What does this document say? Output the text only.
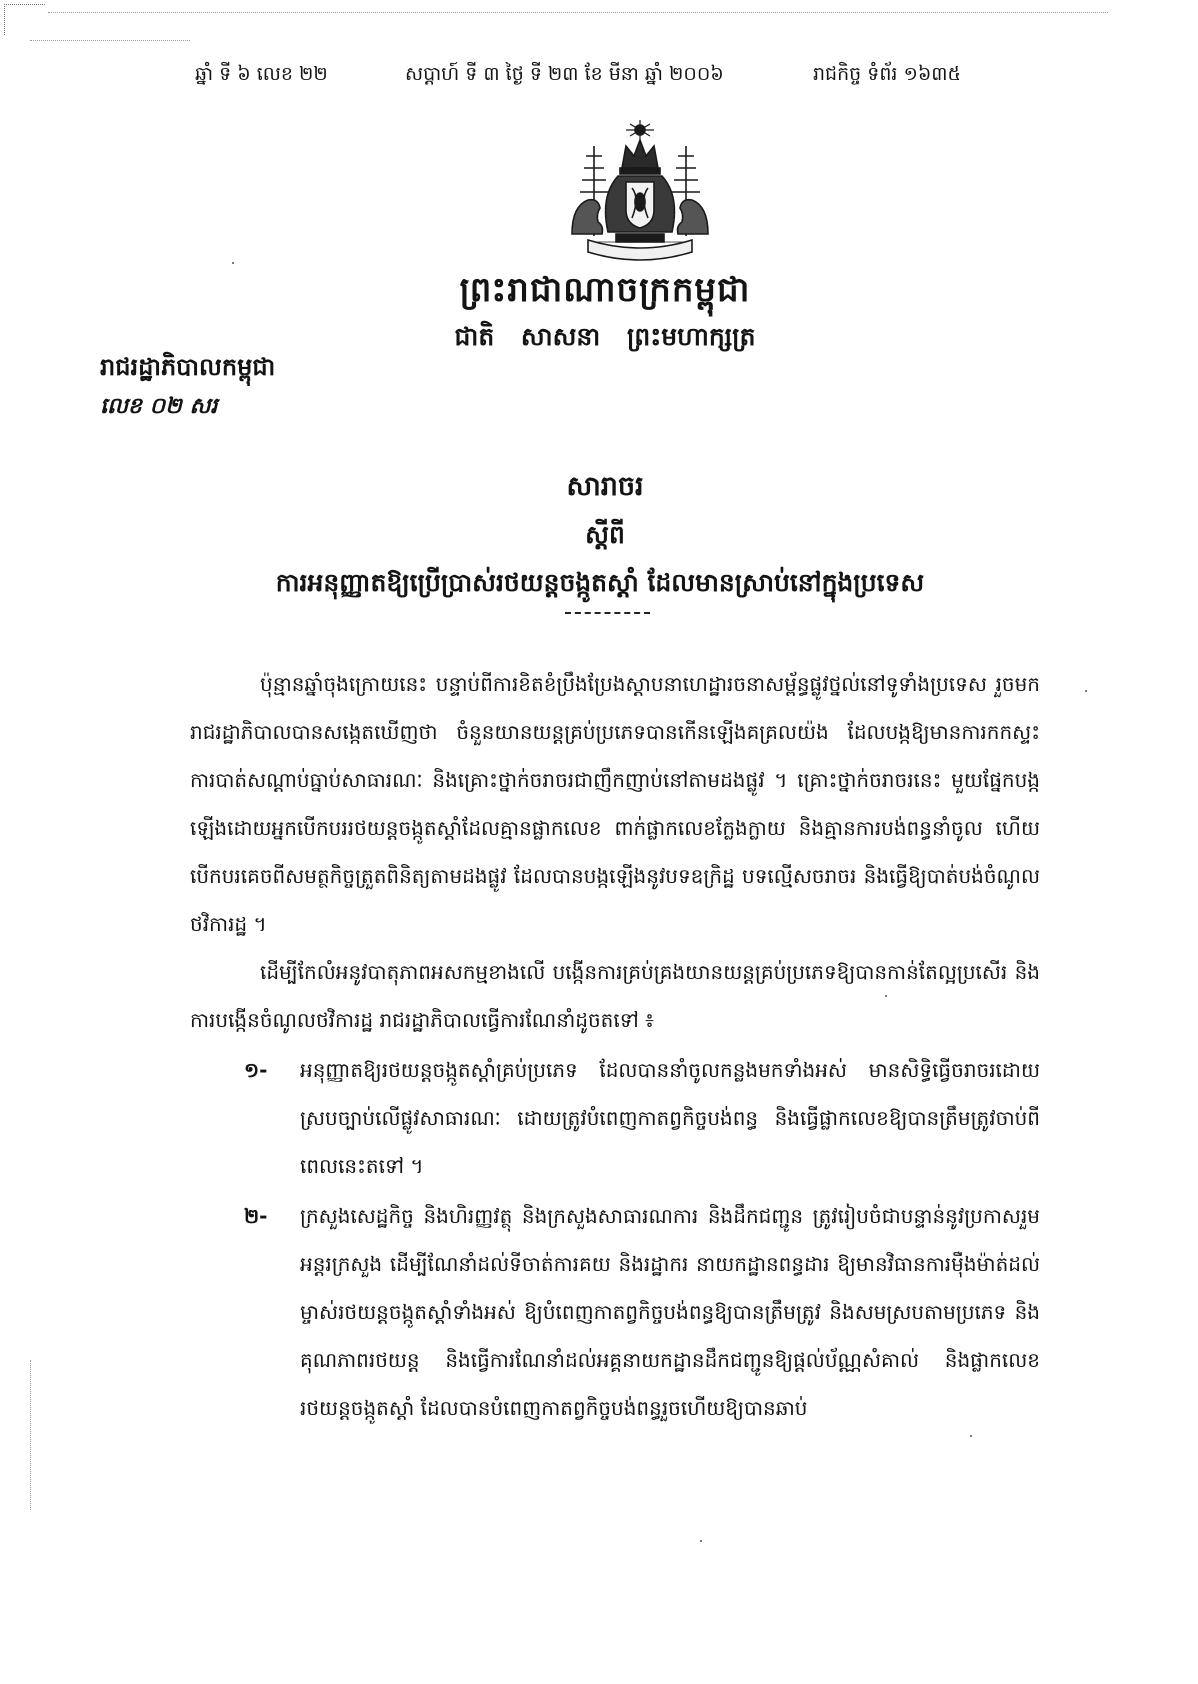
ឆ្នាំ ទី ៦ លេខ ២២	សប្តាហ៍ ទី ៣ ថ្ងៃ ទី ២៣ ខែ មីនា ឆ្នាំ ២០០៦	រាជកិច្ច ទំព័រ ១៦៣៥
ព្រះរាជាណាចក្រកម្ពុជា
ជាតិ សាសនា ព្រះមហាក្សត្រ
រាជរដ្ឋាភិបាលកម្ពុជា
លេខ ០២ សរ
សារាចរ
ស្តីពី
ការអនុញ្ញាតឱ្យប្រើប្រាស់រថយន្តចង្កូតស្តាំ ដែលមានស្រាប់នៅក្នុងប្រទេស
ប៉ុន្មានឆ្នាំចុងក្រោយនេះ បន្ទាប់ពីការខិតខំប្រឹងប្រែងស្តាបនាហេដ្ឋារចនាសម្ព័ន្ធផ្លូវថ្នល់នៅទូទាំងប្រទេស រួចមក រាជរដ្ឋាភិបាលបានសង្កេតឃើញថា ចំនួនយានយន្តគ្រប់ប្រភេទបានកើនឡើងគគ្រលយ៉ង ដែលបង្កឱ្យមានការកកស្ទះ ការបាត់សណ្តាប់ធ្នាប់សាធារណៈ និងគ្រោះថ្នាក់ចរាចរជាញឹកញាប់នៅតាមដងផ្លូវ ។ គ្រោះថ្នាក់ចរាចរនេះ មួយផ្នែកបង្កឡើងដោយអ្នកបើកបររថយន្តចង្កូតស្តាំដែលគ្មានផ្លាកលេខ ពាក់ផ្លាកលេខក្លែងក្លាយ និងគ្មានការបង់ពន្ធនាំចូល ហើយបើកបរគេចពីសមត្ថកិច្ចត្រួតពិនិត្យតាមដងផ្លូវ ដែលបានបង្កឡើងនូវបទឧក្រិដ្ឋ បទល្មើសចរាចរ និងធ្វើឱ្យបាត់បង់ចំណូលថវិការដ្ឋ ។
ដើម្បីកែលំអនូវបាតុភាពអសកម្មខាងលើ បង្កើនការគ្រប់គ្រងយានយន្តគ្រប់ប្រភេទឱ្យបានកាន់តែល្អប្រសើរ និងការបង្កើនចំណូលថវិការដ្ឋ រាជរដ្ឋាភិបាលធ្វើការណែនាំដូចតទៅ ៖
១- អនុញ្ញាតឱ្យរថយន្តចង្កូតស្តាំគ្រប់ប្រភេទ ដែលបាននាំចូលកន្លងមកទាំងអស់ មានសិទ្ធិធ្វើចរាចរដោយស្របច្បាប់លើផ្លូវសាធារណៈ ដោយត្រូវបំពេញកាតព្វកិច្ចបង់ពន្ធ និងធ្វើផ្លាកលេខឱ្យបានត្រឹមត្រូវចាប់ពីពេលនេះតទៅ ។
២- ក្រសួងសេដ្ឋកិច្ច និងហិរញ្ញវត្ថុ និងក្រសួងសាធារណការ និងដឹកជញ្ជូន ត្រូវរៀបចំជាបន្ទាន់នូវប្រកាសរួមអន្តរក្រសួង ដើម្បីណែនាំដល់ទីចាត់ការគយ និងរដ្ឋាករ នាយកដ្ឋានពន្ធដារ ឱ្យមានវិធានការម៉ឺងម៉ាត់ដល់ម្ចាស់រថយន្តចង្កូតស្តាំទាំងអស់ ឱ្យបំពេញកាតព្វកិច្ចបង់ពន្ធឱ្យបានត្រឹមត្រូវ និងសមស្របតាមប្រភេទ និងគុណភាពរថយន្ត និងធ្វើការណែនាំដល់អគ្គនាយកដ្ឋានដឹកជញ្ជូនឱ្យផ្តល់ប័ណ្ណសំគាល់ និងផ្លាកលេខរថយន្តចង្កូតស្តាំ ដែលបានបំពេញកាតព្វកិច្ចបង់ពន្ធរួចហើយឱ្យបានឆាប់
